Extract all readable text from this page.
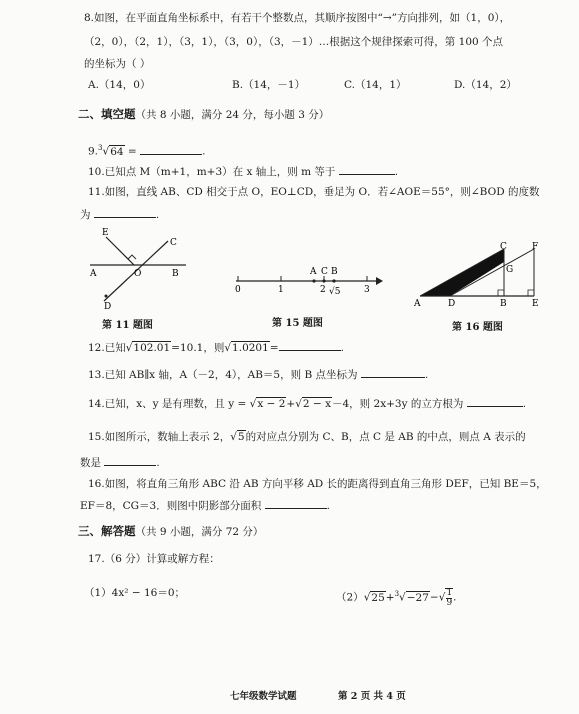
8.如图，在平面直角坐标系中，有若干个整数点，其顺序按图中“→”方向排列，如（1，0），
（2，0），（2，1），（3，1），（3，0），（3，－1）…根据这个规律探索可得，第 100 个点
的坐标为（ ）
A.（14，0）	B.（14，－1）	C.（14，1）	D.（14，2）
二、填空题（共 8 小题，满分 24 分，每小题 3 分）
9.$^3$√64 =	.
10.已知点 M（m+1，m+3）在 x 轴上，则 m 等于	.
11.如图，直线 AB、CD 相交于点 O，EO⊥CD，垂足为 O．若∠AOE＝55°，则∠BOD 的度数
为	.
E
C
A	O	B
D
第 11 题图
A C B
0	1	2	3
√5
第 15 题图
C	F
G
A	D	B	E
第 16 题图
12.已知√102.01=10.1，则√1.0201=	.
13.已知 AB∥x 轴，A（－2，4），AB＝5，则 B 点坐标为	.
14.已知，x、y 是有理数，且 y = √x − 2+√2 − x－4，则 2x+3y 的立方根为	.
15.如图所示，数轴上表示 2，√5的对应点分别为 C、B，点 C 是 AB 的中点，则点 A 表示的
数是	.
16.如图，将直角三角形 ABC 沿 AB 方向平移 AD 长的距离得到直角三角形 DEF，已知 BE＝5，
EF＝8，CG＝3．则图中阴影部分面积	.
三、解答题（共 9 小题，满分 72 分）
17.（6 分）计算或解方程：
（1）4x² − 16＝0；	$(2)√25+^3√-27-√ \frac{1}{9}$ .
七年级数学试题	第 2 页 共 4 页
